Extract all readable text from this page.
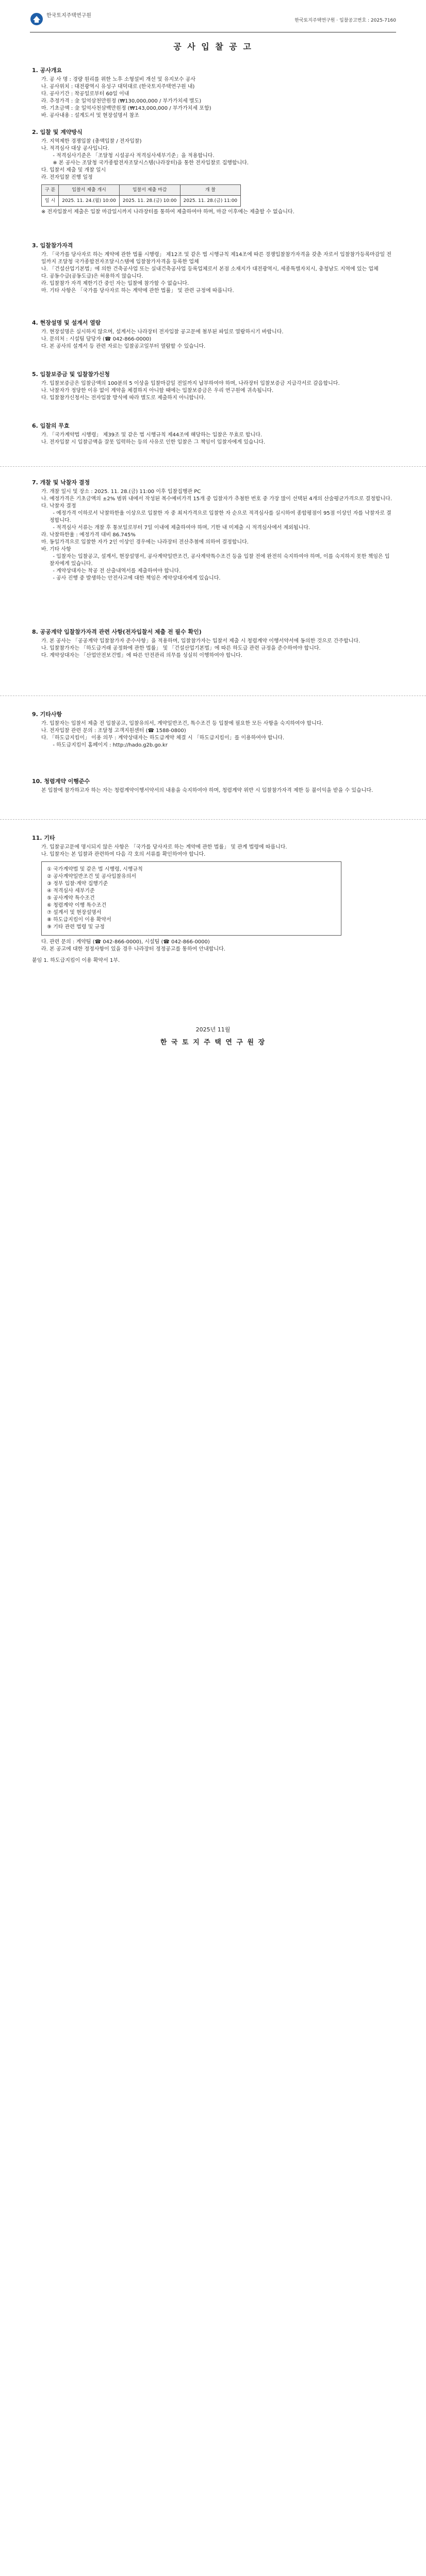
한국토지주택연구원
한국토지주택연구원 · 입찰공고번호 : 2025-7160
공 사 입 찰 공 고
1. 공사개요

가. 공 사 명 : 경량 원리를 위한 노후 소형설비 개선 및 유지보수 공사

나. 공사위치 : 대전광역시 유성구 대덕대로 (한국토지주택연구원 내)

다. 공사기간 : 착공일로부터 60일 이내

라. 추정가격 : 金 일억삼천만원정 (₩130,000,000 / 부가가치세 별도)

마. 기초금액 : 金 일억사천삼백만원정 (₩143,000,000 / 부가가치세 포함)

바. 공사내용 : 설계도서 및 현장설명서 참조

2. 입찰 및 계약방식

가. 지역제한 경쟁입찰 (총액입찰 / 전자입찰)

나. 적격심사 대상 공사입니다.

- 적격심사기준은 「조달청 시설공사 적격심사세부기준」을 적용합니다.

※ 본 공사는 조달청 국가종합전자조달시스템(나라장터)을 통한 전자입찰로 집행합니다.

다. 입찰서 제출 및 개찰 일시

라. 전자입찰 진행 일정

구 분	입찰서 제출 개시	입찰서 제출 마감	개 찰
일 시	2025. 11. 24.(월) 10:00	2025. 11. 28.(금) 10:00	2025. 11. 28.(금) 11:00

※ 전자입찰서 제출은 입찰 마감일시까지 나라장터를 통하여 제출하여야 하며, 마감 이후에는 제출할 수 없습니다.

3. 입찰참가자격

가. 「국가를 당사자로 하는 계약에 관한 법률 시행령」 제12조 및 같은 법 시행규칙 제14조에 따른 경쟁입찰참가자격을 갖춘 자로서 입찰참가등록마감일 전일까지 조달청 국가종합전자조달시스템에 입찰참가자격을 등록한 업체

나. 「건설산업기본법」에 의한 건축공사업 또는 실내건축공사업 등록업체로서 본점 소재지가 대전광역시, 세종특별자치시, 충청남도 지역에 있는 업체

다. 공동수급(공동도급)은 허용하지 않습니다.

라. 입찰참가 자격 제한기간 중인 자는 입찰에 참가할 수 없습니다.

마. 기타 사항은 「국가를 당사자로 하는 계약에 관한 법률」 및 관련 규정에 따릅니다.

4. 현장설명 및 설계서 열람

가. 현장설명은 실시하지 않으며, 설계서는 나라장터 전자입찰 공고문에 첨부된 파일로 열람하시기 바랍니다.

나. 문의처 : 시설팀 담당자 (☎ 042-866-0000)

다. 본 공사의 설계서 등 관련 자료는 입찰공고일부터 열람할 수 있습니다.

5. 입찰보증금 및 입찰참가신청

가. 입찰보증금은 입찰금액의 100분의 5 이상을 입찰마감일 전일까지 납부하여야 하며, 나라장터 입찰보증금 지급각서로 갈음합니다.

나. 낙찰자가 정당한 이유 없이 계약을 체결하지 아니할 때에는 입찰보증금은 우리 연구원에 귀속됩니다.

다. 입찰참가신청서는 전자입찰 방식에 따라 별도로 제출하지 아니합니다.

6. 입찰의 무효

가. 「국가계약법 시행령」 제39조 및 같은 법 시행규칙 제44조에 해당하는 입찰은 무효로 합니다.

나. 전자입찰 시 입찰금액을 잘못 입력하는 등의 사유로 인한 입찰은 그 책임이 입찰자에게 있습니다.

7. 개찰 및 낙찰자 결정

가. 개찰 일시 및 장소 : 2025. 11. 28.(금) 11:00 이후 입찰집행관 PC

나. 예정가격은 기초금액의 ±2% 범위 내에서 작성된 복수예비가격 15개 중 입찰자가 추첨한 번호 중 가장 많이 선택된 4개의 산술평균가격으로 결정합니다.

다. 낙찰자 결정

- 예정가격 이하로서 낙찰하한율 이상으로 입찰한 자 중 최저가격으로 입찰한 자 순으로 적격심사를 실시하여 종합평점이 95점 이상인 자를 낙찰자로 결정합니다.

- 적격심사 서류는 개찰 후 통보일로부터 7일 이내에 제출하여야 하며, 기한 내 미제출 시 적격심사에서 제외됩니다.

라. 낙찰하한율 : 예정가격 대비 86.745%

마. 동일가격으로 입찰한 자가 2인 이상인 경우에는 나라장터 전산추첨에 의하여 결정합니다.

바. 기타 사항

- 입찰자는 입찰공고, 설계서, 현장설명서, 공사계약일반조건, 공사계약특수조건 등을 입찰 전에 완전히 숙지하여야 하며, 이를 숙지하지 못한 책임은 입찰자에게 있습니다.

- 계약상대자는 착공 전 산출내역서를 제출하여야 합니다.

- 공사 진행 중 발생하는 안전사고에 대한 책임은 계약상대자에게 있습니다.

8. 공공계약 입찰참가자격 관련 사항(전자입찰서 제출 전 필수 확인)

가. 본 공사는 「공공계약 입찰참가자 준수사항」을 적용하며, 입찰참가자는 입찰서 제출 시 청렴계약 이행서약서에 동의한 것으로 간주합니다.

나. 입찰참가자는 「하도급거래 공정화에 관한 법률」 및 「건설산업기본법」에 따른 하도급 관련 규정을 준수하여야 합니다.

다. 계약상대자는 「산업안전보건법」에 따른 안전관리 의무를 성실히 이행하여야 합니다.

9. 기타사항

가. 입찰자는 입찰서 제출 전 입찰공고, 입찰유의서, 계약일반조건, 특수조건 등 입찰에 필요한 모든 사항을 숙지하여야 합니다.

나. 전자입찰 관련 문의 : 조달청 고객지원센터 (☎ 1588-0800)

다. 「하도급지킴이」 이용 의무 : 계약상대자는 하도급계약 체결 시 「하도급지킴이」를 이용하여야 합니다.

- 하도급지킴이 홈페이지 : http://hado.g2b.go.kr

10. 청렴계약 이행준수

본 입찰에 참가하고자 하는 자는 청렴계약이행서약서의 내용을 숙지하여야 하며, 청렴계약 위반 시 입찰참가자격 제한 등 불이익을 받을 수 있습니다.

11. 기타

가. 입찰공고문에 명시되지 않은 사항은 「국가를 당사자로 하는 계약에 관한 법률」 및 관계 법령에 따릅니다.

나. 입찰자는 본 입찰과 관련하여 다음 각 호의 서류를 확인하여야 합니다.

① 국가계약법 및 같은 법 시행령, 시행규칙

② 공사계약일반조건 및 공사입찰유의서

③ 정부 입찰·계약 집행기준

④ 적격심사 세부기준

⑤ 공사계약 특수조건

⑥ 청렴계약 이행 특수조건

⑦ 설계서 및 현장설명서

⑧ 하도급지킴이 이용 확약서

⑨ 기타 관련 법령 및 규정

다. 관련 문의 : 계약팀 (☎ 042-866-0000), 시설팀 (☎ 042-866-0000)

라. 본 공고에 대한 정정사항이 있을 경우 나라장터 정정공고를 통하여 안내합니다.

붙임 1. 하도급지킴이 이용 확약서 1부.

2025년 11월
한 국 토 지 주 택 연 구 원 장
